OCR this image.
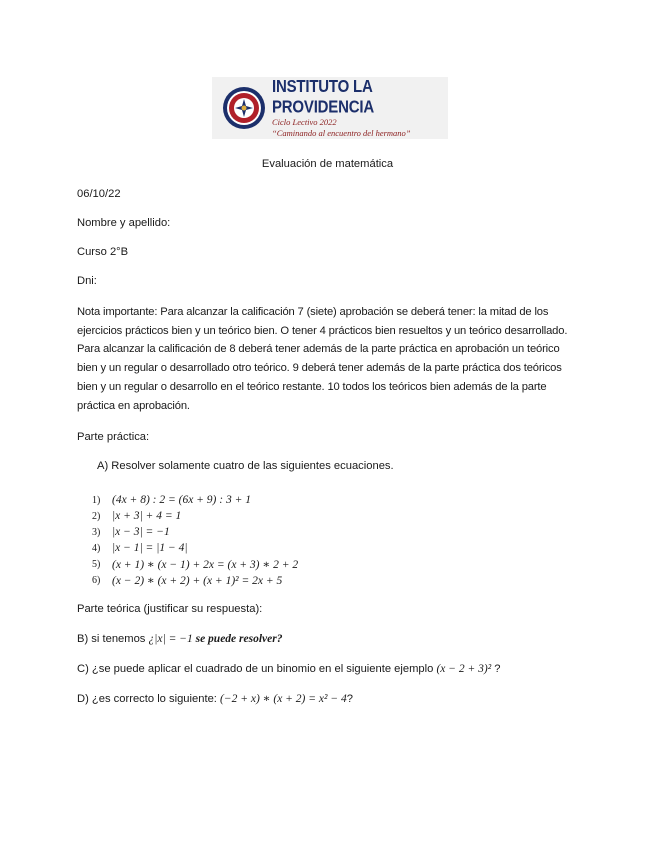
INSTITUTO LA PROVIDENCIA
Ciclo Lectivo 2022
“Caminando al encuentro del hermano”
Evaluación de matemática
06/10/22
Nombre y apellido:
Curso 2°B
Dni:
Nota importante: Para alcanzar la calificación 7 (siete) aprobación se deberá tener: la mitad de los ejercicios prácticos bien y un teórico bien. O tener 4 prácticos bien resueltos y un teórico desarrollado. Para alcanzar la calificación de 8 deberá tener además de la parte práctica en aprobación un teórico bien y un regular o desarrollado otro teórico. 9 deberá tener además de la parte práctica dos teóricos bien y un regular o desarrollo en el teórico restante. 10 todos los teóricos bien además de la parte práctica en aprobación.
Parte práctica:
A) Resolver solamente cuatro de las siguientes ecuaciones.
1)	(4x + 8) : 2 = (6x + 9) : 3 + 1
2)	|x + 3| + 4 = 1
3)	|x − 3| = −1
4)	|x − 1| = |1 − 4|
5)	(x + 1) ∗ (x − 1) + 2x = (x + 3) ∗ 2 + 2
6)	(x − 2) ∗ (x + 2) + (x + 1)² = 2x + 5
Parte teórica (justificar su respuesta):
B) si tenemos ¿|x| = −1 se puede resolver?
C) ¿se puede aplicar el cuadrado de un binomio en el siguiente ejemplo (x − 2 + 3)² ?
D) ¿es correcto lo siguiente: (−2 + x) ∗ (x + 2) = x² − 4?
